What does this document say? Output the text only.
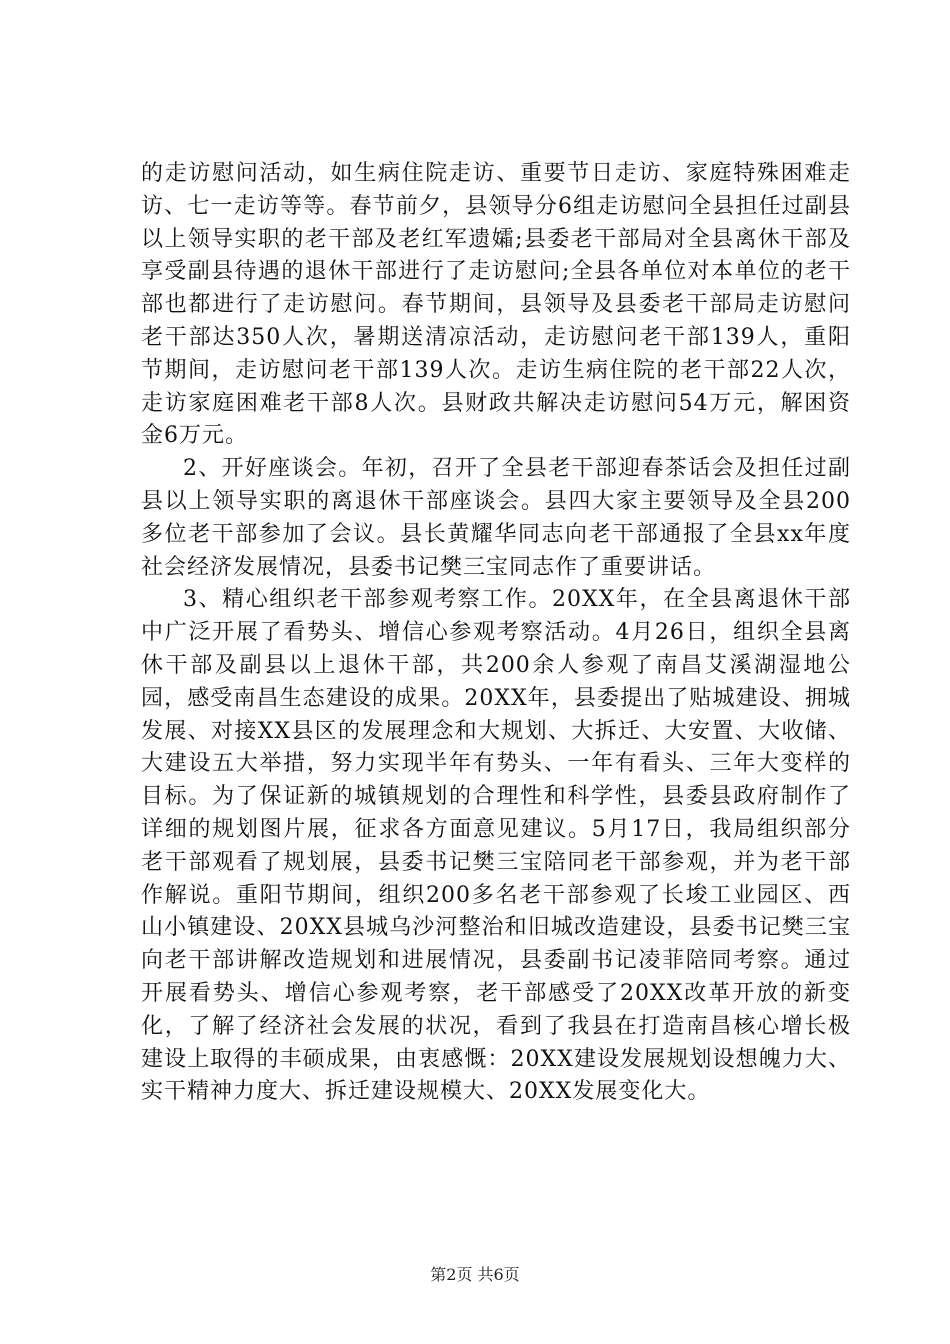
的走访慰问活动，如生病住院走访、重要节日走访、家庭特殊困难走访、七一走访等等。春节前夕，县领导分6组走访慰问全县担任过副县以上领导实职的老干部及老红军遗孀;县委老干部局对全县离休干部及享受副县待遇的退休干部进行了走访慰问;全县各单位对本单位的老干部也都进行了走访慰问。春节期间，县领导及县委老干部局走访慰问老干部达350人次，暑期送清凉活动，走访慰问老干部139人，重阳节期间，走访慰问老干部139人次。走访生病住院的老干部22人次，走访家庭困难老干部8人次。县财政共解决走访慰问54万元，解困资金6万元。

2、开好座谈会。年初，召开了全县老干部迎春茶话会及担任过副县以上领导实职的离退休干部座谈会。县四大家主要领导及全县200多位老干部参加了会议。县长黄耀华同志向老干部通报了全县xx年度社会经济发展情况，县委书记樊三宝同志作了重要讲话。

3、精心组织老干部参观考察工作。20XX年，在全县离退休干部中广泛开展了看势头、增信心参观考察活动。4月26日，组织全县离休干部及副县以上退休干部，共200余人参观了南昌艾溪湖湿地公园，感受南昌生态建设的成果。20XX年，县委提出了贴城建设、拥城发展、对接XX县区的发展理念和大规划、大拆迁、大安置、大收储、大建设五大举措，努力实现半年有势头、一年有看头、三年大变样的目标。为了保证新的城镇规划的合理性和科学性，县委县政府制作了详细的规划图片展，征求各方面意见建议。5月17日，我局组织部分老干部观看了规划展，县委书记樊三宝陪同老干部参观，并为老干部作解说。重阳节期间，组织200多名老干部参观了长埈工业园区、西山小镇建设、20XX县城乌沙河整治和旧城改造建设，县委书记樊三宝向老干部讲解改造规划和进展情况，县委副书记凌菲陪同考察。通过开展看势头、增信心参观考察，老干部感受了20XX改革开放的新变化，了解了经济社会发展的状况，看到了我县在打造南昌核心增长极建设上取得的丰硕成果，由衷感慨：20XX建设发展规划设想魄力大、实干精神力度大、拆迁建设规模大、20XX发展变化大。

第2页 共6页
